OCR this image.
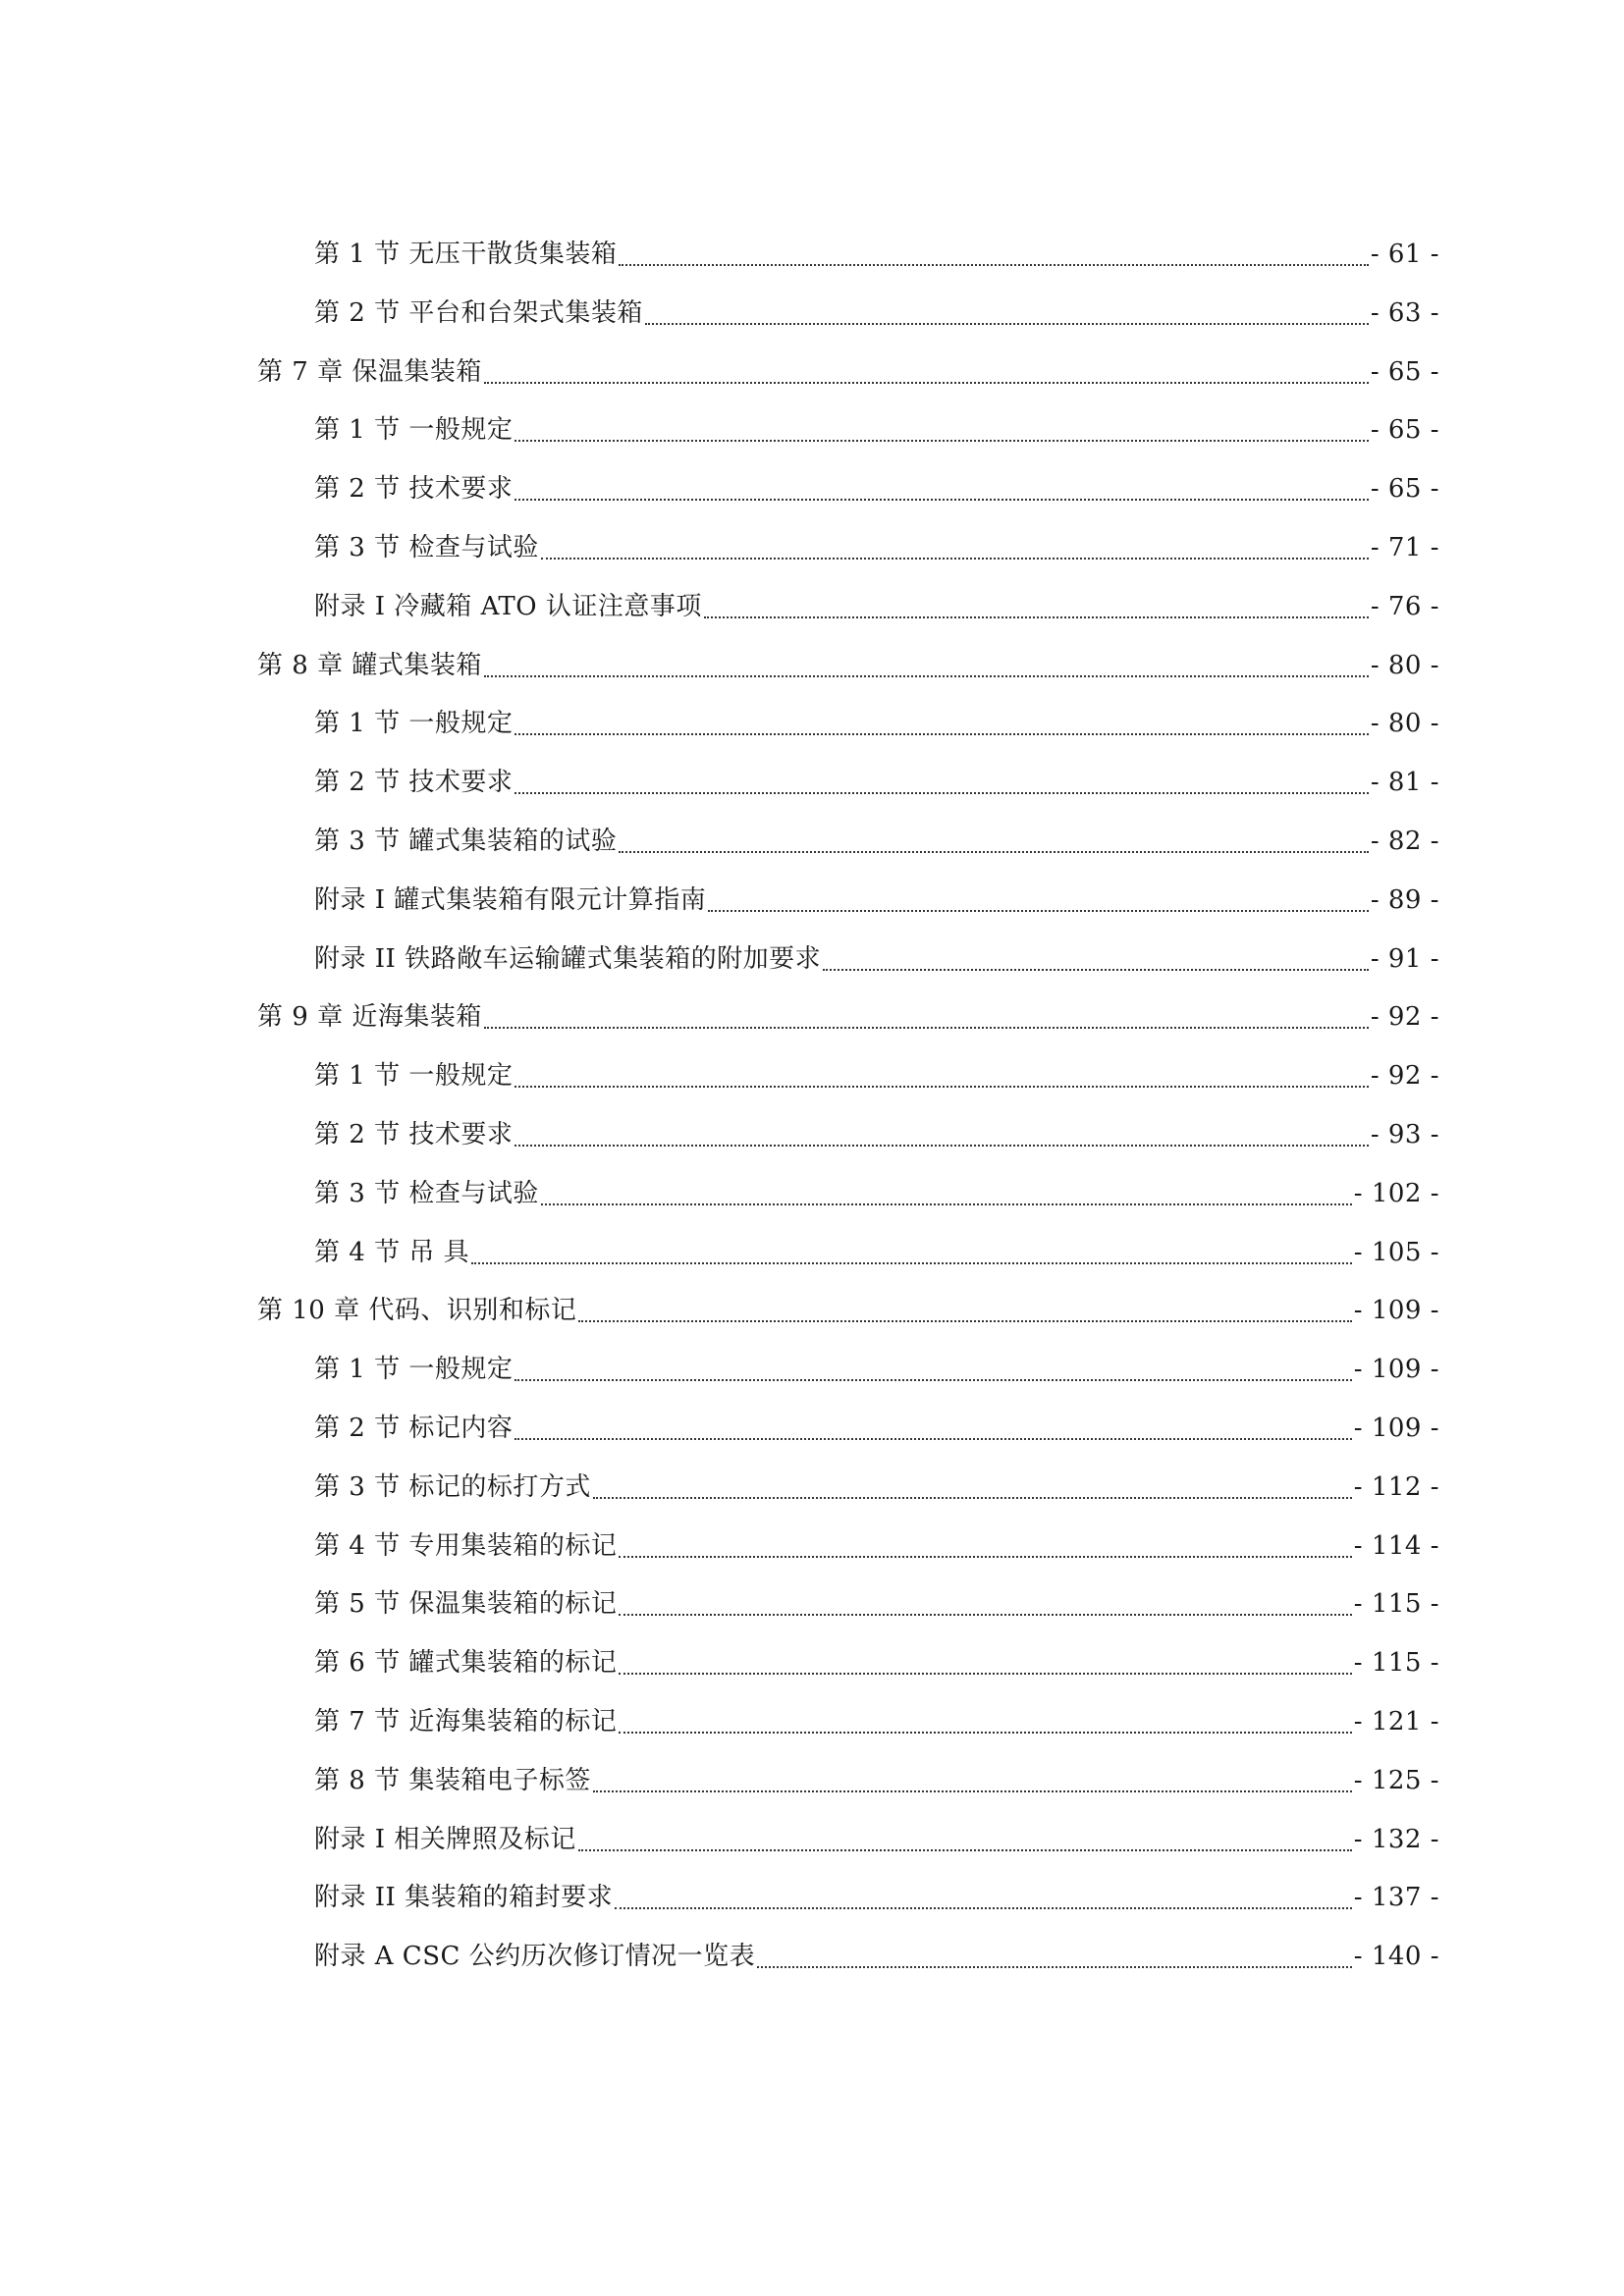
第 1 节 无压干散货集装箱	- 61 -
第 2 节 平台和台架式集装箱	- 63 -
第 7 章 保温集装箱	- 65 -
第 1 节 一般规定	- 65 -
第 2 节 技术要求	- 65 -
第 3 节 检查与试验	- 71 -
附录 I 冷藏箱 ATO 认证注意事项	- 76 -
第 8 章 罐式集装箱	- 80 -
第 1 节 一般规定	- 80 -
第 2 节 技术要求	- 81 -
第 3 节 罐式集装箱的试验	- 82 -
附录 I 罐式集装箱有限元计算指南	- 89 -
附录 II 铁路敞车运输罐式集装箱的附加要求	- 91 -
第 9 章 近海集装箱	- 92 -
第 1 节 一般规定	- 92 -
第 2 节 技术要求	- 93 -
第 3 节 检查与试验	- 102 -
第 4 节 吊 具	- 105 -
第 10 章 代码、识别和标记	- 109 -
第 1 节 一般规定	- 109 -
第 2 节 标记内容	- 109 -
第 3 节 标记的标打方式	- 112 -
第 4 节 专用集装箱的标记	- 114 -
第 5 节 保温集装箱的标记	- 115 -
第 6 节 罐式集装箱的标记	- 115 -
第 7 节 近海集装箱的标记	- 121 -
第 8 节 集装箱电子标签	- 125 -
附录 I 相关牌照及标记	- 132 -
附录 II 集装箱的箱封要求	- 137 -
附录 A CSC 公约历次修订情况一览表	- 140 -
